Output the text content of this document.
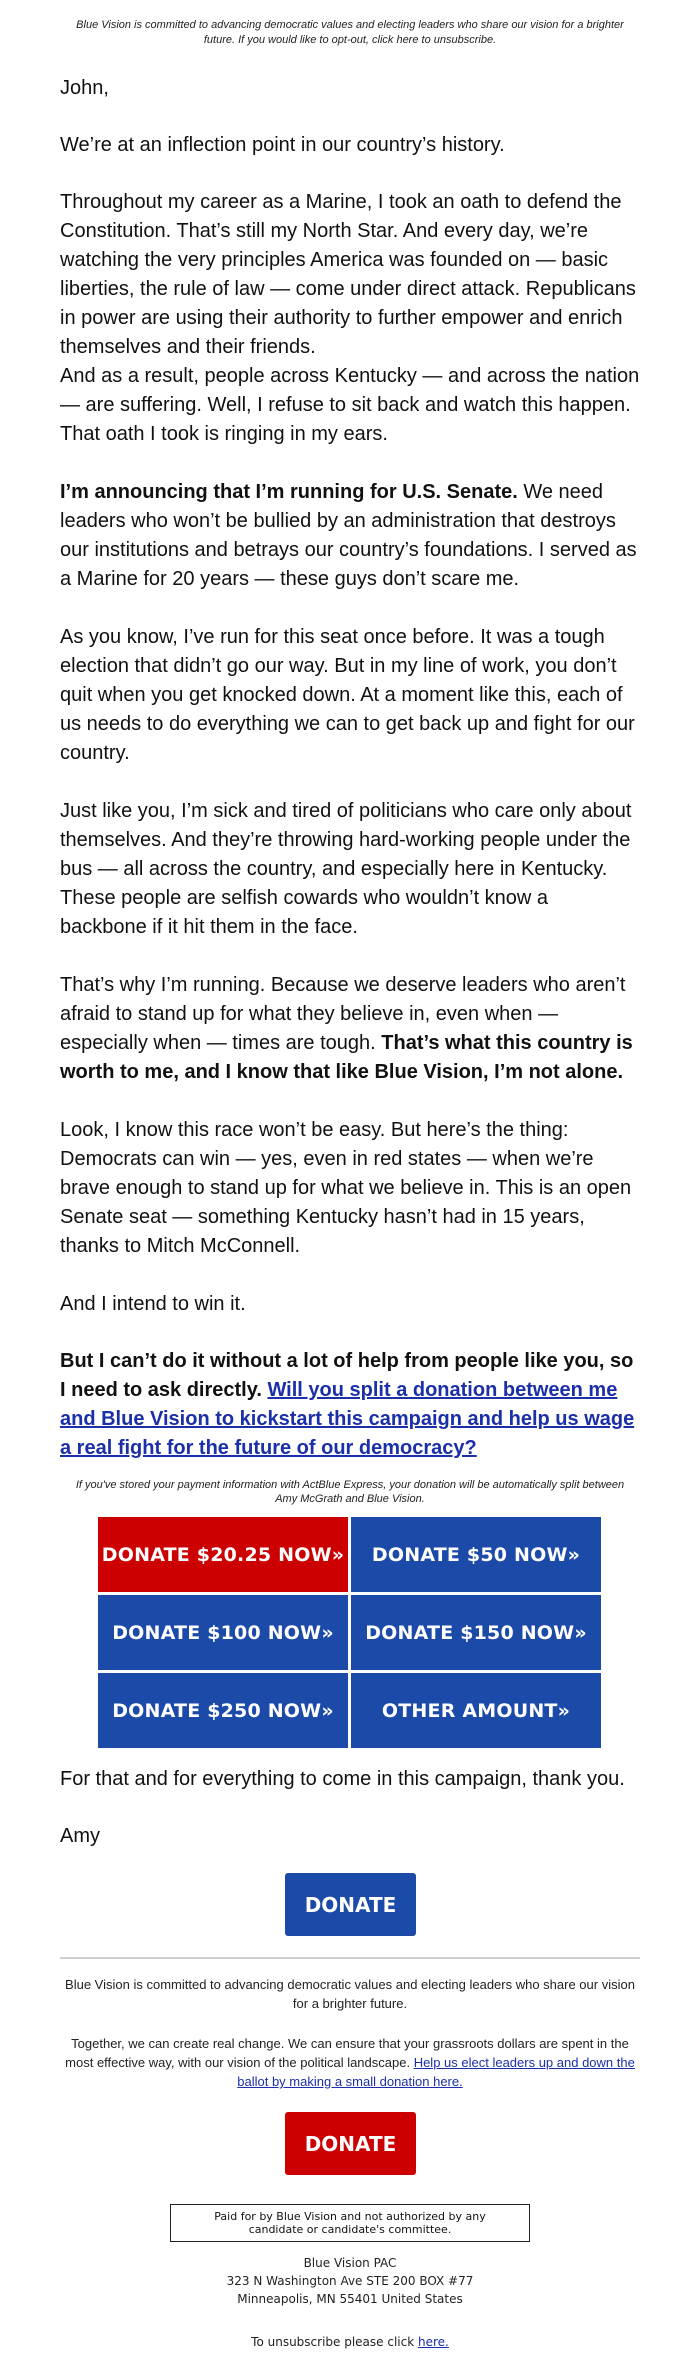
Blue Vision is committed to advancing democratic values and electing leaders who share our vision for a brighter future. If you would like to opt-out, click here to unsubscribe.

John,

We’re at an inflection point in our country’s history.

Throughout my career as a Marine, I took an oath to defend the Constitution. That’s still my North Star. And every day, we’re watching the very principles America was founded on — basic liberties, the rule of law — come under direct attack. Republicans in power are using their authority to further empower and enrich themselves and their friends.

And as a result, people across Kentucky — and across the nation — are suffering. Well, I refuse to sit back and watch this happen. That oath I took is ringing in my ears.

I’m announcing that I’m running for U.S. Senate. We need leaders who won’t be bullied by an administration that destroys our institutions and betrays our country’s foundations. I served as a Marine for 20 years — these guys don’t scare me.

As you know, I’ve run for this seat once before. It was a tough election that didn’t go our way. But in my line of work, you don’t quit when you get knocked down. At a moment like this, each of us needs to do everything we can to get back up and fight for our country.

Just like you, I’m sick and tired of politicians who care only about themselves. And they’re throwing hard-working people under the bus — all across the country, and especially here in Kentucky. These people are selfish cowards who wouldn’t know a backbone if it hit them in the face.

That’s why I’m running. Because we deserve leaders who aren’t afraid to stand up for what they believe in, even when — especially when — times are tough. That’s what this country is worth to me, and I know that like Blue Vision, I’m not alone.

Look, I know this race won’t be easy. But here’s the thing: Democrats can win — yes, even in red states — when we’re brave enough to stand up for what we believe in. This is an open Senate seat — something Kentucky hasn’t had in 15 years, thanks to Mitch McConnell.

And I intend to win it.

But I can’t do it without a lot of help from people like you, so I need to ask directly. Will you split a donation between me and Blue Vision to kickstart this campaign and help us wage a real fight for the future of our democracy?

If you've stored your payment information with ActBlue Express, your donation will be automatically split between Amy McGrath and Blue Vision.
DONATE $20.25 NOW»	DONATE $50 NOW»
DONATE $100 NOW»	DONATE $150 NOW»
DONATE $250 NOW»	OTHER AMOUNT»

For that and for everything to come in this campaign, thank you.

Amy

DONATE
Blue Vision is committed to advancing democratic values and electing leaders who share our vision for a brighter future.
Together, we can create real change. We can ensure that your grassroots dollars are spent in the most effective way, with our vision of the political landscape. Help us elect leaders up and down the ballot by making a small donation here.
DONATE
Paid for by Blue Vision and not authorized by any candidate or candidate's committee.
Blue Vision PAC
323 N Washington Ave STE 200 BOX #77
Minneapolis, MN 55401 United States
To unsubscribe please click here.
